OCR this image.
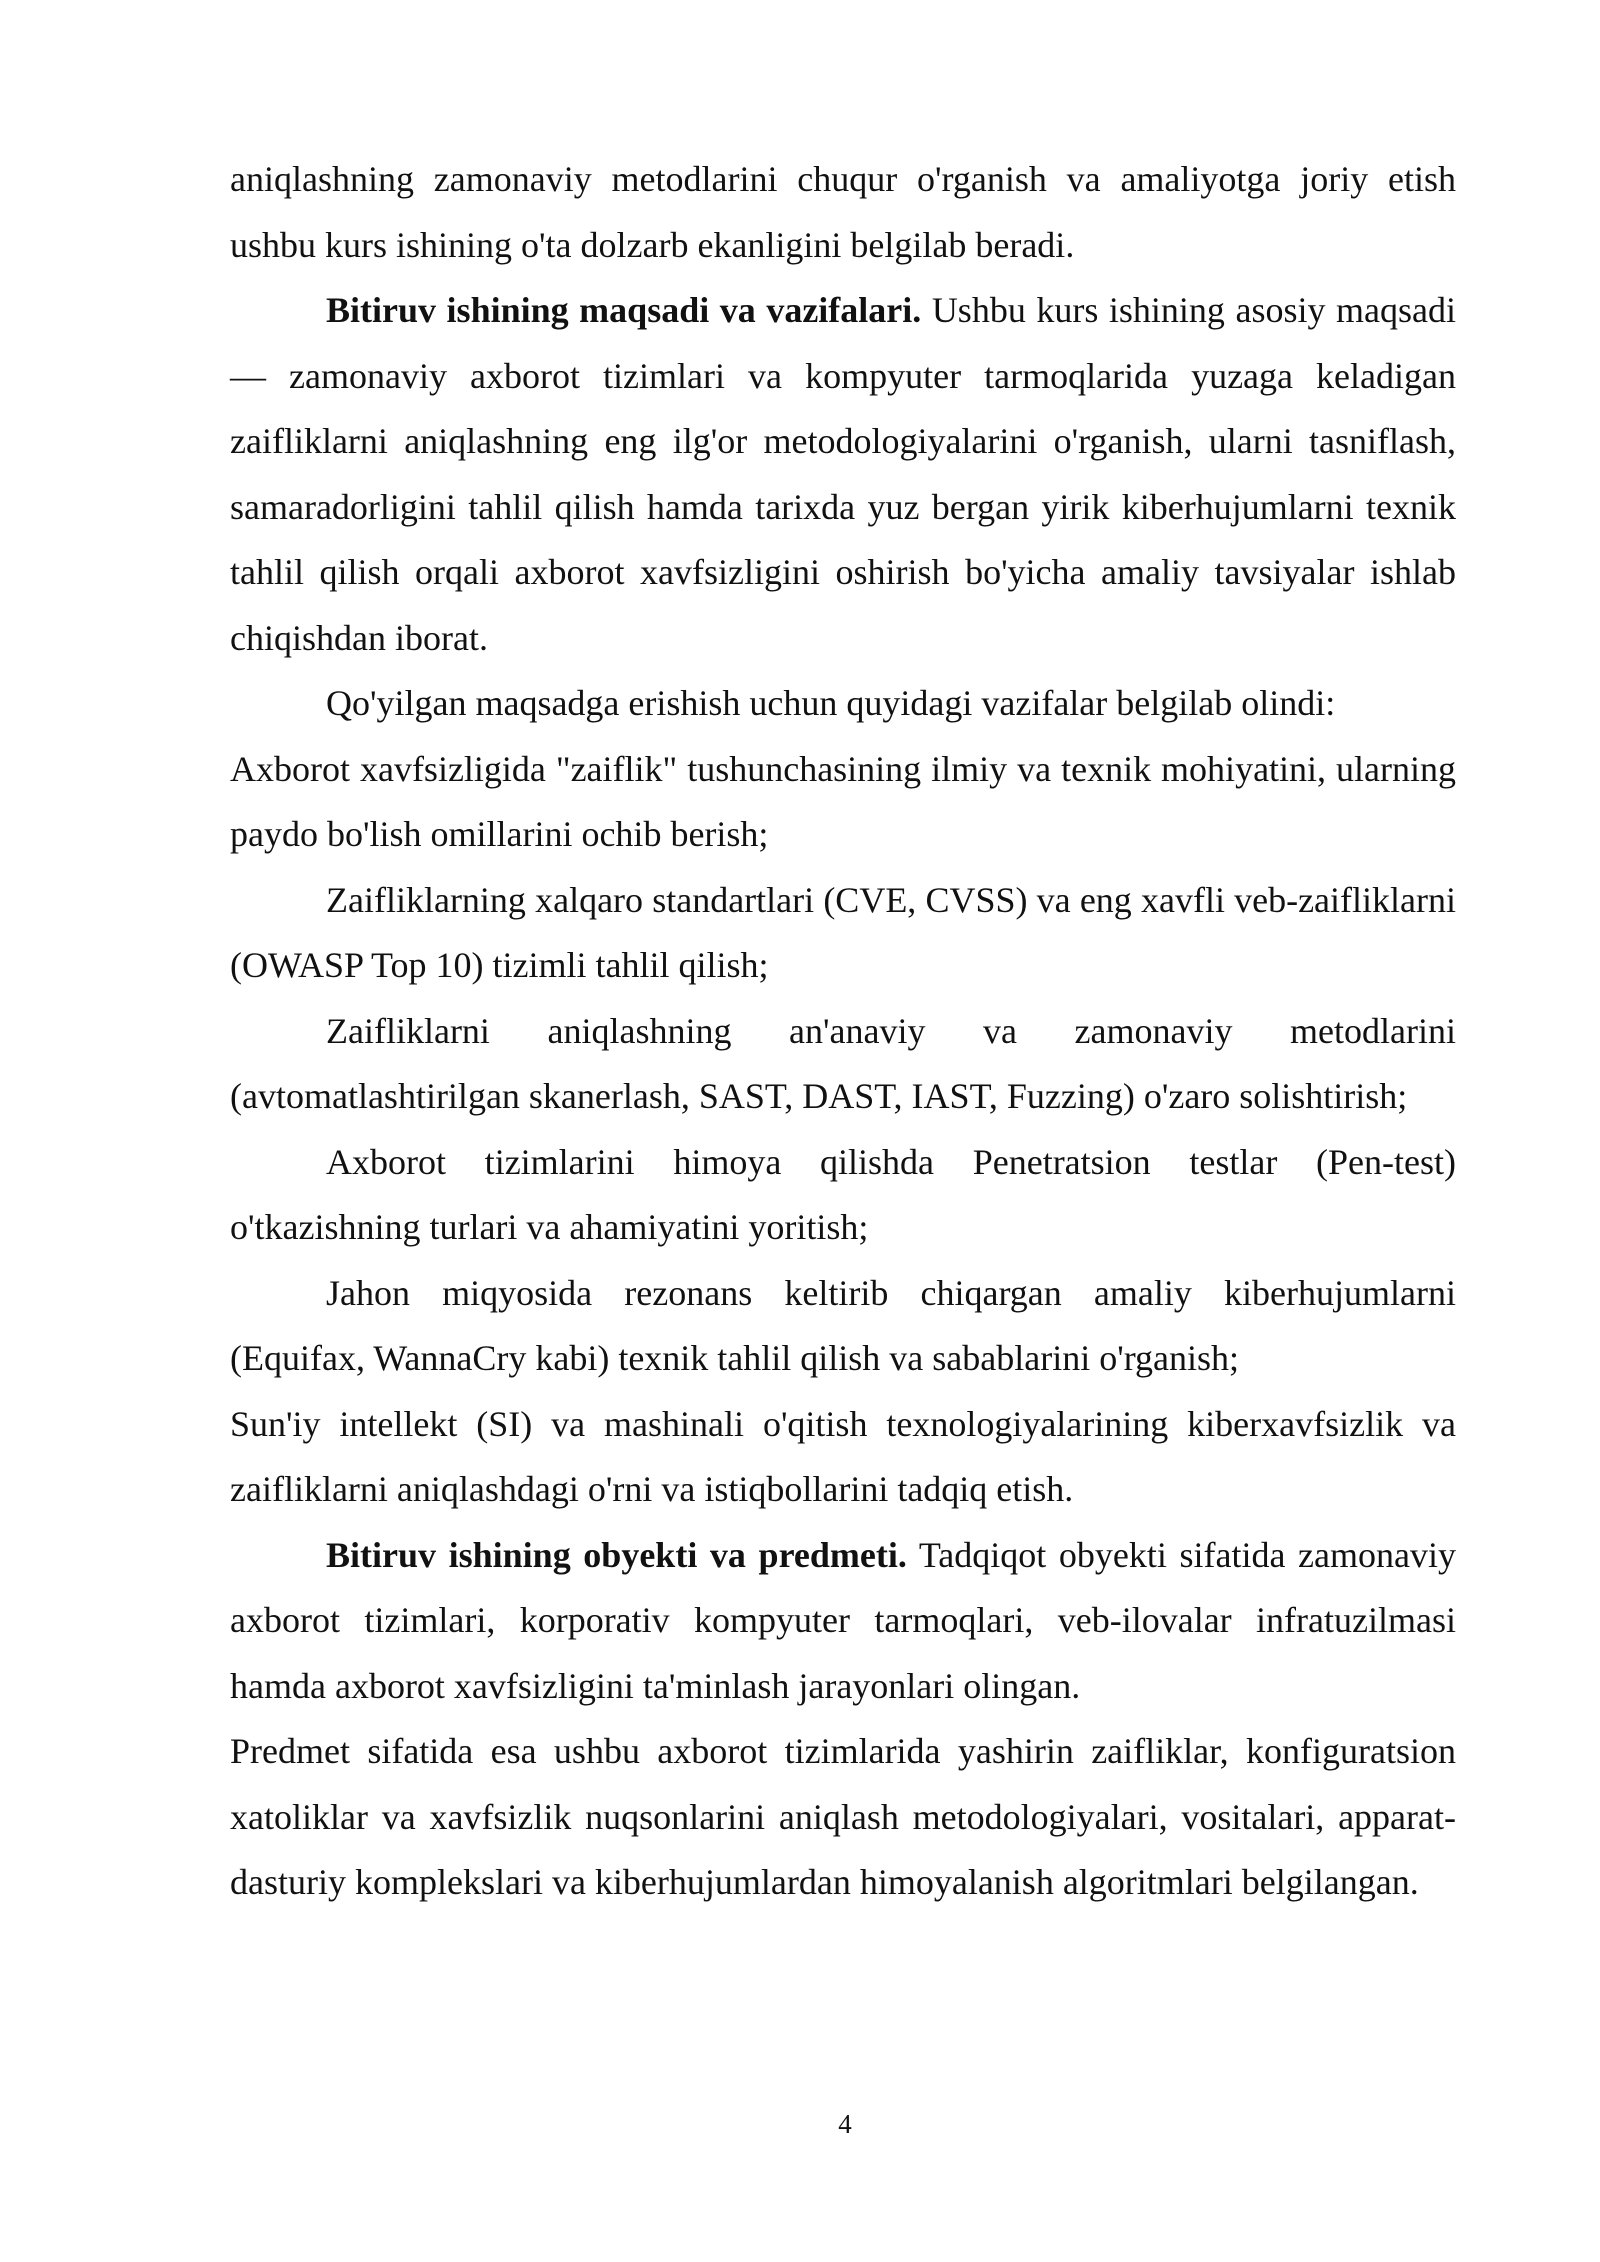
aniqlashning zamonaviy metodlarini chuqur o'rganish va amaliyotga joriy etish ushbu kurs ishining o'ta dolzarb ekanligini belgilab beradi.

Bitiruv ishining maqsadi va vazifalari. Ushbu kurs ishining asosiy maqsadi — zamonaviy axborot tizimlari va kompyuter tarmoqlarida yuzaga keladigan zaifliklarni aniqlashning eng ilg'or metodologiyalarini o'rganish, ularni tasniflash, samaradorligini tahlil qilish hamda tarixda yuz bergan yirik kiberhujumlarni texnik tahlil qilish orqali axborot xavfsizligini oshirish bo'yicha amaliy tavsiyalar ishlab chiqishdan iborat.

Qo'yilgan maqsadga erishish uchun quyidagi vazifalar belgilab olindi:

Axborot xavfsizligida "zaiflik" tushunchasining ilmiy va texnik mohiyatini, ularning paydo bo'lish omillarini ochib berish;

Zaifliklarning xalqaro standartlari (CVE, CVSS) va eng xavfli veb-zaifliklarni (OWASP Top 10) tizimli tahlil qilish;

Zaifliklarni aniqlashning an'anaviy va zamonaviy metodlarini (avtomatlashtirilgan skanerlash, SAST, DAST, IAST, Fuzzing) o'zaro solishtirish;

Axborot tizimlarini himoya qilishda Penetratsion testlar (Pen-test) o'tkazishning turlari va ahamiyatini yoritish;

Jahon miqyosida rezonans keltirib chiqargan amaliy kiberhujumlarni (Equifax, WannaCry kabi) texnik tahlil qilish va sabablarini o'rganish;

Sun'iy intellekt (SI) va mashinali o'qitish texnologiyalarining kiberxavfsizlik va zaifliklarni aniqlashdagi o'rni va istiqbollarini tadqiq etish.

Bitiruv ishining obyekti va predmeti. Tadqiqot obyekti sifatida zamonaviy axborot tizimlari, korporativ kompyuter tarmoqlari, veb-ilovalar infratuzilmasi hamda axborot xavfsizligini ta'minlash jarayonlari olingan.

Predmet sifatida esa ushbu axborot tizimlarida yashirin zaifliklar, konfiguratsion xatoliklar va xavfsizlik nuqsonlarini aniqlash metodologiyalari, vositalari, apparat-dasturiy komplekslari va kiberhujumlardan himoyalanish algoritmlari belgilangan.

4
